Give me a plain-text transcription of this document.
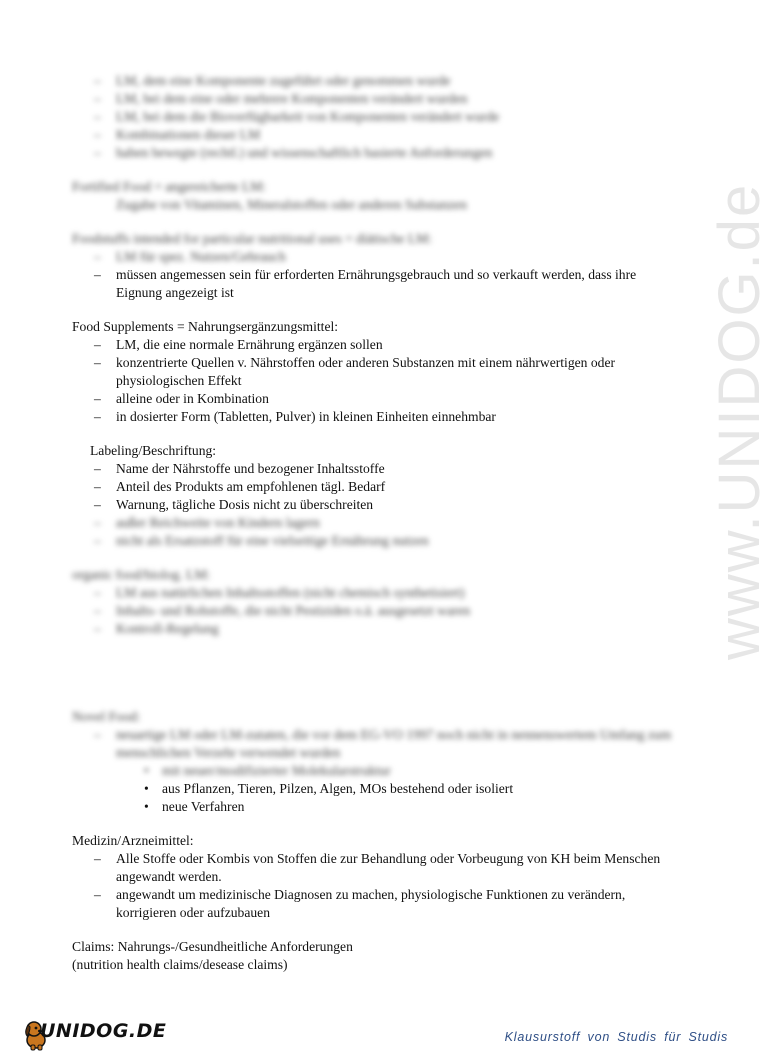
www.UNIDOG.de
– LM, dem eine Komponente zugeführt oder genommen wurde
– LM, bei dem eine oder mehrere Komponenten verändert wurden
– LM, bei dem die Bioverfügbarkeit von Komponenten verändert wurde
– Kombinationen dieser LM
– haben bewegte (rechtl.) und wissenschaftlich basierte Anforderungen

Fortified Food = angereicherte LM:

Zugabe von Vitaminen, Mineralstoffen oder anderen Substanzen

Foodstuffs intended for particular nutritional uses = diätische LM:

– LM für spez. Nutzen/Gebrauch
– müssen angemessen sein für erforderten Ernährungsgebrauch und so verkauft werden, dass ihre Eignung angezeigt ist

Food Supplements = Nahrungsergänzungsmittel:

– LM, die eine normale Ernährung ergänzen sollen
– konzentrierte Quellen v. Nährstoffen oder anderen Substanzen mit einem nährwertigen oder physiologischen Effekt
– alleine oder in Kombination
– in dosierter Form (Tabletten, Pulver) in kleinen Einheiten einnehmbar

Labeling/Beschriftung:

– Name der Nährstoffe und bezogener Inhaltsstoffe
– Anteil des Produkts am empfohlenen tägl. Bedarf
– Warnung, tägliche Dosis nicht zu überschreiten
– außer Reichweite von Kindern lagern
– nicht als Ersatzstoff für eine vielseitige Ernährung nutzen

organic food/biolog. LM:

– LM aus natürlichen Inhaltsstoffen (nicht chemisch synthetisiert)
– Inhalts- und Rohstoffe, die nicht Pestiziden o.ä. ausgesetzt waren
– Kontroll-Regelung

Novel Food:

– neuartige LM oder LM-zutaten, die vor dem EG-VO 1997 noch nicht in nennenswertem Umfang zum menschlichen Verzehr verwendet wurden
• mit neuer/modifizierter Molekularstruktur
• aus Pflanzen, Tieren, Pilzen, Algen, MOs bestehend oder isoliert
• neue Verfahren

Medizin/Arzneimittel:

– Alle Stoffe oder Kombis von Stoffen die zur Behandlung oder Vorbeugung von KH beim Menschen angewandt werden.
– angewandt um medizinische Diagnosen zu machen, physiologische Funktionen zu verändern, korrigieren oder aufzubauen

Claims: Nahrungs-/Gesundheitliche Anforderungen

(nutrition health claims/desease claims)

UNIDOG.DE	Klausurstoff von Studis für Studis
